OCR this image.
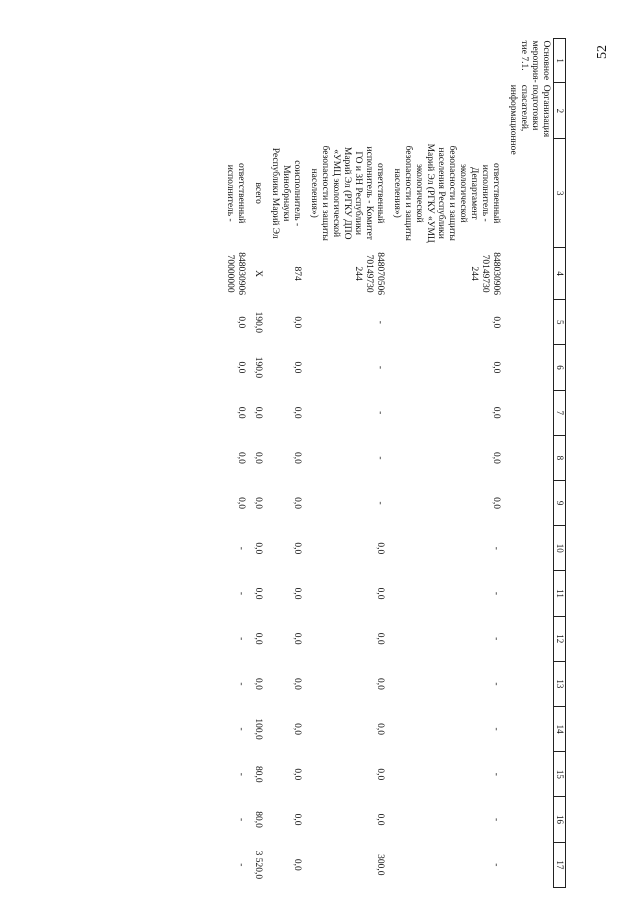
52
1	2	3	4	5	6	7	8	9	10	11	12	13	14	15	16	17
Основное мероприя-тие 7.1.	Организация подготовки спасателей, информационное															
		ответственный исполнитель - Департамент экологической безопасности и защиты населения Республики Марий Эл (РГКУ «УМЦ экологической безопасности и защиты населения»)	848030906 70149730 244	0,0	0,0	0,0	0,0	0,0	-	-	-	-	-	-	-	-
		ответственный исполнитель - Комитет ГО и ЗН Республики Марий Эл (РГКУ ДПО «УМЦ экологической безопасности и защиты населения»)	848070506 70149730 244	-	-	-	-	-	0,0	0,0	0,0	0,0	0,0	0,0	0,0	300,0
		соисполнитель - Минобрнауки Республики Марий Эл	874	0,0	0,0	0,0	0,0	0,0	0,0	0,0	0,0	0,0	0,0	0,0	0,0	0,0
		всего	Х	190,0	190,0	0,0	0,0	0,0	0,0	0,0	0,0	0,0	100,0	80,0	80,0	3 520,0
		ответственный исполнитель -	848030906 70000000	0,0	0,0	0,0	0,0	0,0	-	-	-	-	-	-	-	-
